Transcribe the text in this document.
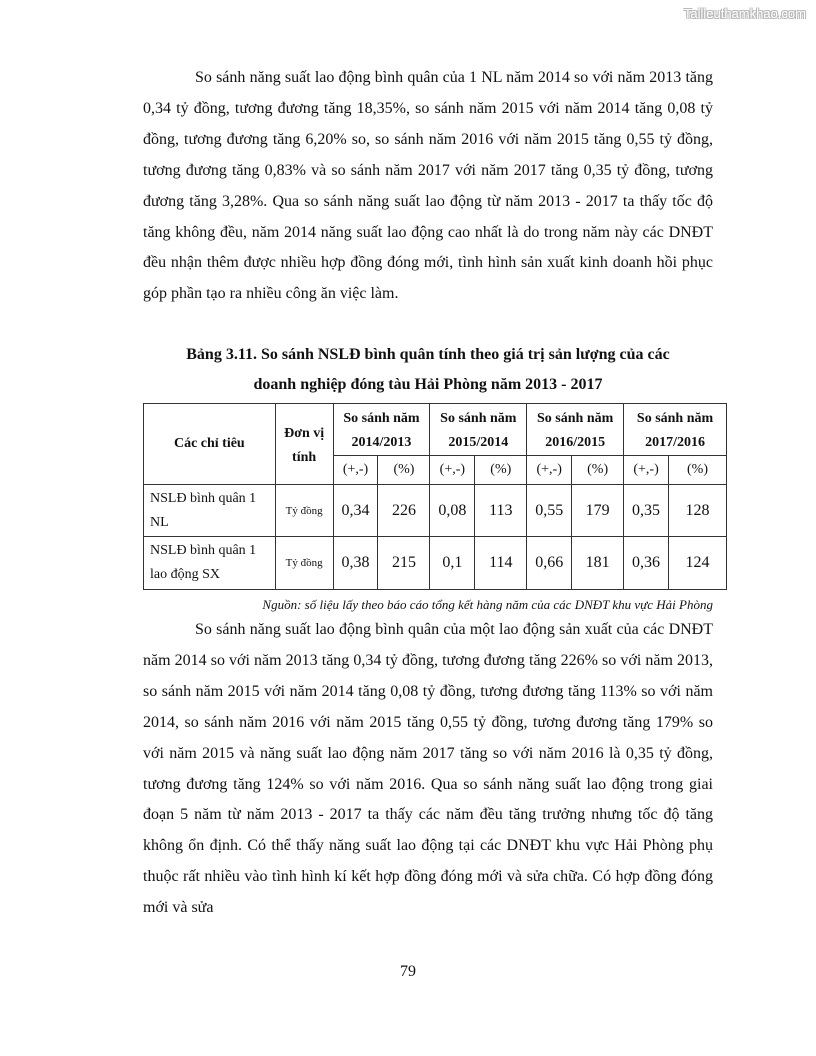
Tailieuthamkhao.com

So sánh năng suất lao động bình quân của 1 NL năm 2014 so với năm 2013 tăng 0,34 tỷ đồng, tương đương tăng 18,35%, so sánh năm 2015 với năm 2014 tăng 0,08 tỷ đồng, tương đương tăng 6,20% so, so sánh năm 2016 với năm 2015 tăng 0,55 tỷ đồng, tương đương tăng 0,83% và so sánh năm 2017 với năm 2017 tăng 0,35 tỷ đồng, tương đương tăng 3,28%. Qua so sánh năng suất lao động từ năm 2013 - 2017 ta thấy tốc độ tăng không đều, năm 2014 năng suất lao động cao nhất là do trong năm này các DNĐT đều nhận thêm được nhiều hợp đồng đóng mới, tình hình sản xuất kinh doanh hồi phục góp phần tạo ra nhiều công ăn việc làm.

Bảng 3.11. So sánh NSLĐ bình quân tính theo giá trị sản lượng của các

doanh nghiệp đóng tàu Hải Phòng năm 2013 - 2017

Các chỉ tiêu	Đơn vị tính	So sánh năm
2014/2013		So sánh năm
2015/2014		So sánh năm
2016/2015		So sánh năm
2017/2016	
		(+,-)	(%)	(+,-)	(%)	(+,-)	(%)	(+,-)	(%)
NSLĐ bình quân 1 NL	Tỷ đồng	0,34	226	0,08	113	0,55	179	0,35	128
NSLĐ bình quân 1 lao động SX	Tỷ đồng	0,38	215	0,1	114	0,66	181	0,36	124

Nguồn: số liệu lấy theo báo cáo tổng kết hàng năm của các DNĐT khu vực Hải Phòng

So sánh năng suất lao động bình quân của một lao động sản xuất của các DNĐT năm 2014 so với năm 2013 tăng 0,34 tỷ đồng, tương đương tăng 226% so với năm 2013, so sánh năm 2015 với năm 2014 tăng 0,08 tỷ đồng, tương đương tăng 113% so với năm 2014, so sánh năm 2016 với năm 2015 tăng 0,55 tỷ đồng, tương đương tăng 179% so với năm 2015 và năng suất lao động năm 2017 tăng so với năm 2016 là 0,35 tỷ đồng, tương đương tăng 124% so với năm 2016. Qua so sánh năng suất lao động trong giai đoạn 5 năm từ năm 2013 - 2017 ta thấy các năm đều tăng trưởng nhưng tốc độ tăng không ổn định. Có thể thấy năng suất lao động tại các DNĐT khu vực Hải Phòng phụ thuộc rất nhiều vào tình hình kí kết hợp đồng đóng mới và sửa chữa. Có hợp đồng đóng mới và sửa

79
